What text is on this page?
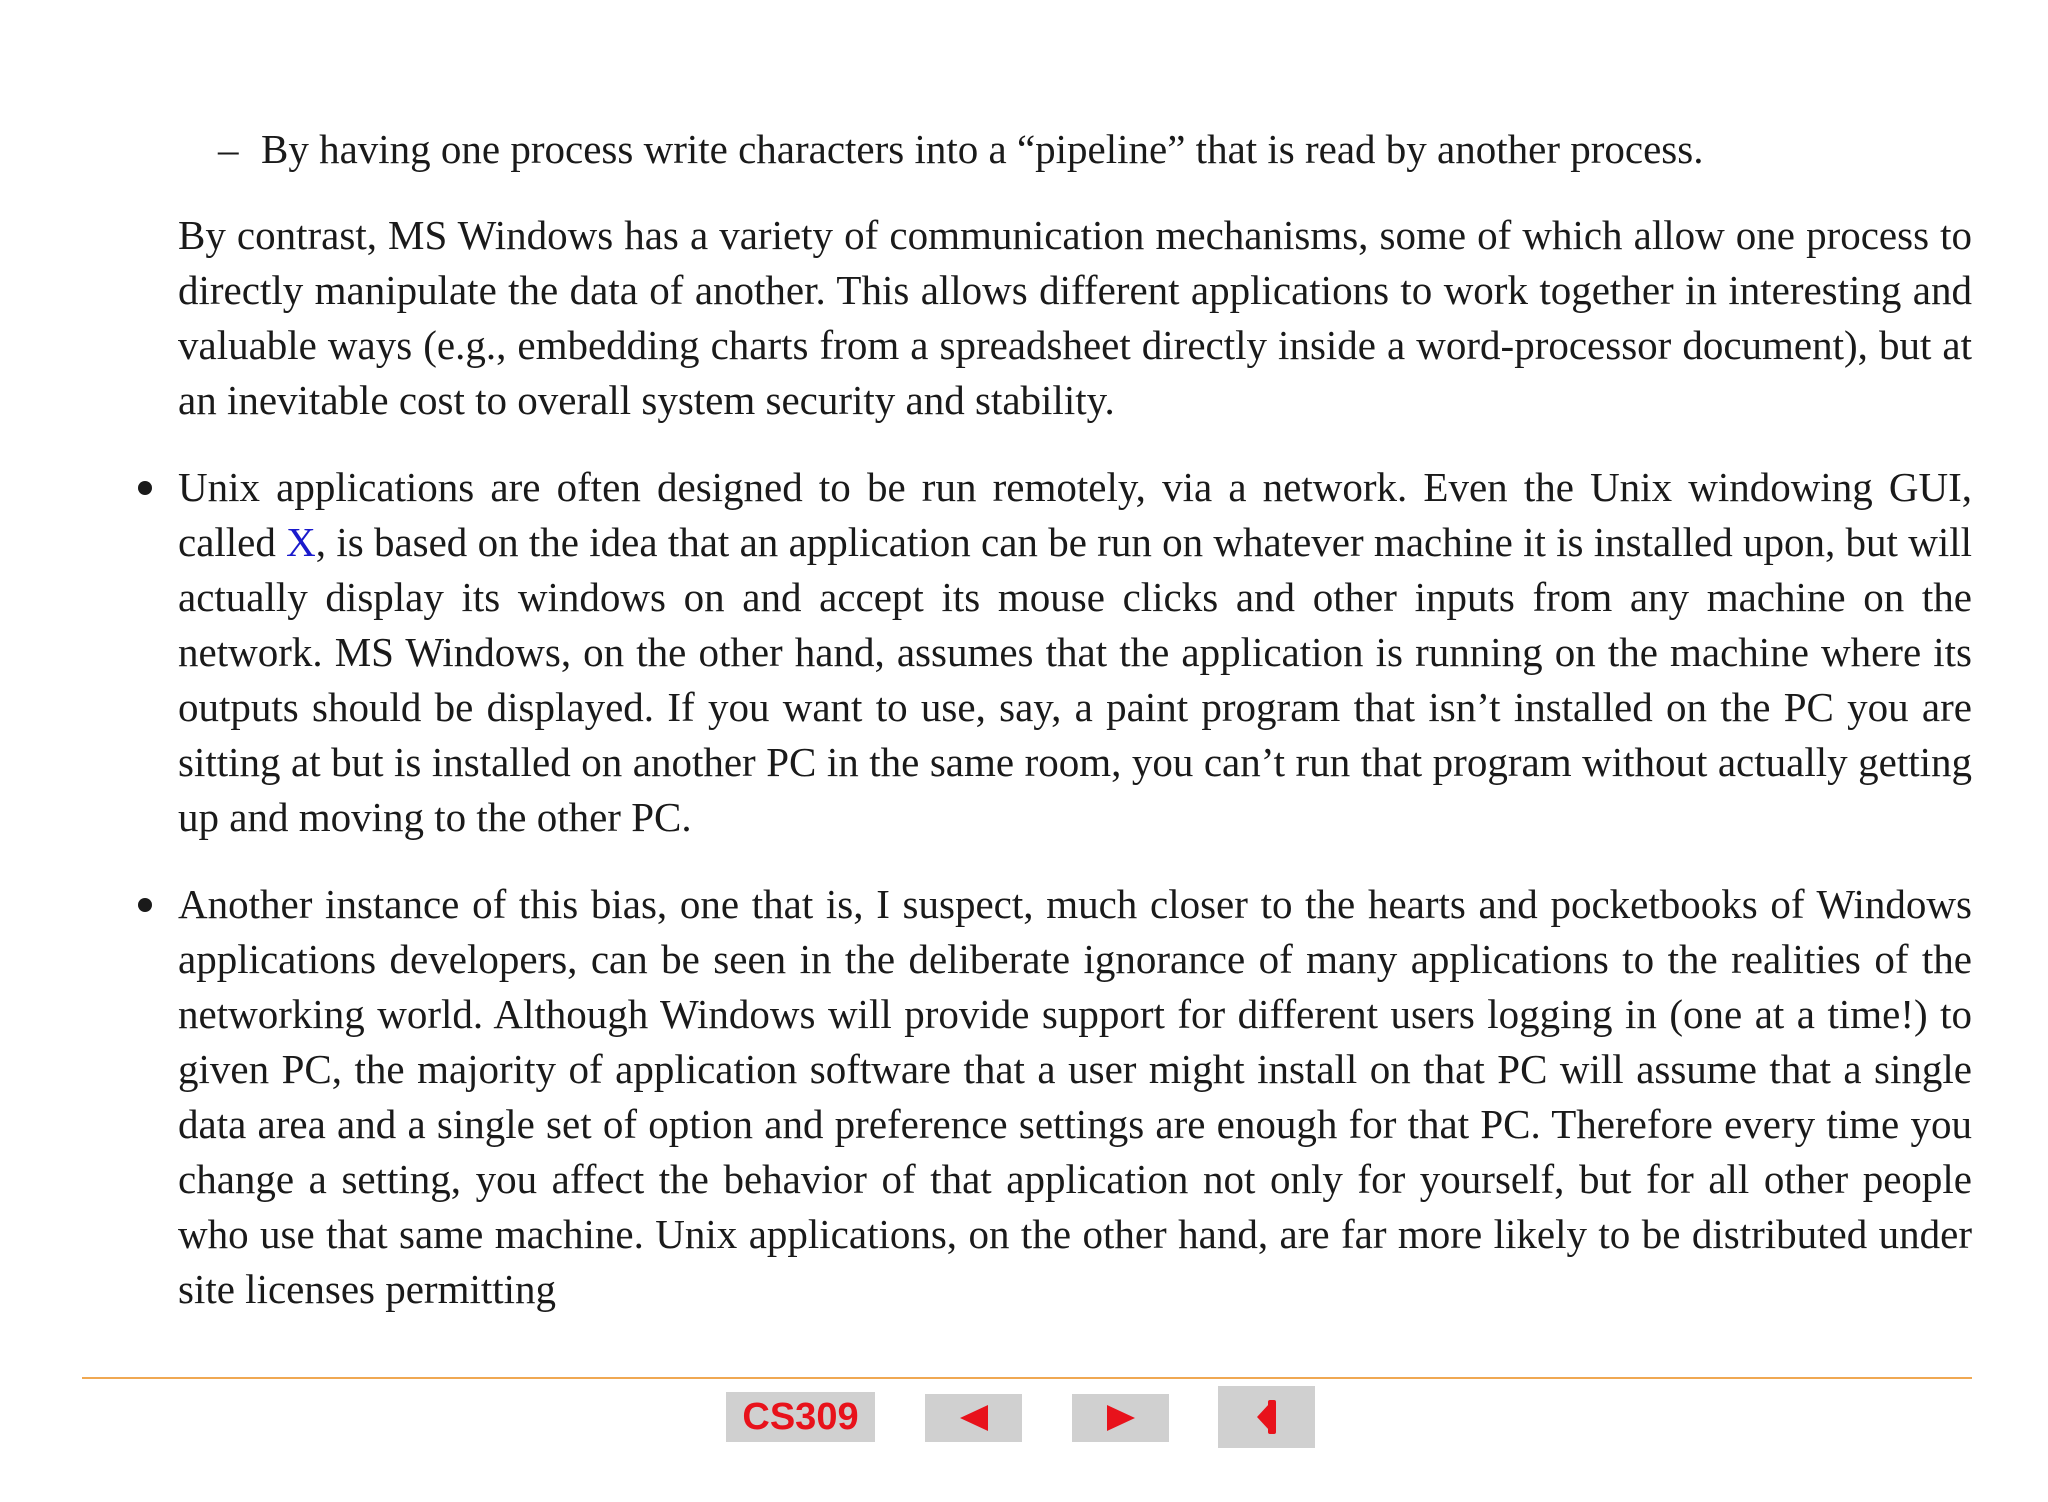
– By having one process write characters into a “pipeline” that is read by another process.

By contrast, MS Windows has a variety of communication mechanisms, some of which allow one process to directly manipulate the data of another. This allows different applications to work together in interesting and valuable ways (e.g., embedding charts from a spreadsheet directly inside a word-processor document), but at an inevitable cost to overall system security and stability.

Unix applications are often designed to be run remotely, via a network. Even the Unix windowing GUI, called X, is based on the idea that an application can be run on whatever machine it is installed upon, but will actually display its windows on and accept its mouse clicks and other inputs from any machine on the network. MS Windows, on the other hand, assumes that the application is running on the machine where its outputs should be displayed. If you want to use, say, a paint program that isn’t installed on the PC you are sitting at but is installed on another PC in the same room, you can’t run that program without actually getting up and moving to the other PC.

Another instance of this bias, one that is, I suspect, much closer to the hearts and pocketbooks of Windows applications developers, can be seen in the deliberate ignorance of many applications to the realities of the networking world. Although Windows will provide support for different users logging in (one at a time!) to given PC, the majority of application software that a user might install on that PC will assume that a single data area and a single set of option and preference settings are enough for that PC. Therefore every time you change a setting, you affect the behavior of that application not only for yourself, but for all other people who use that same machine. Unix applications, on the other hand, are far more likely to be distributed under site licenses permitting

CS309
